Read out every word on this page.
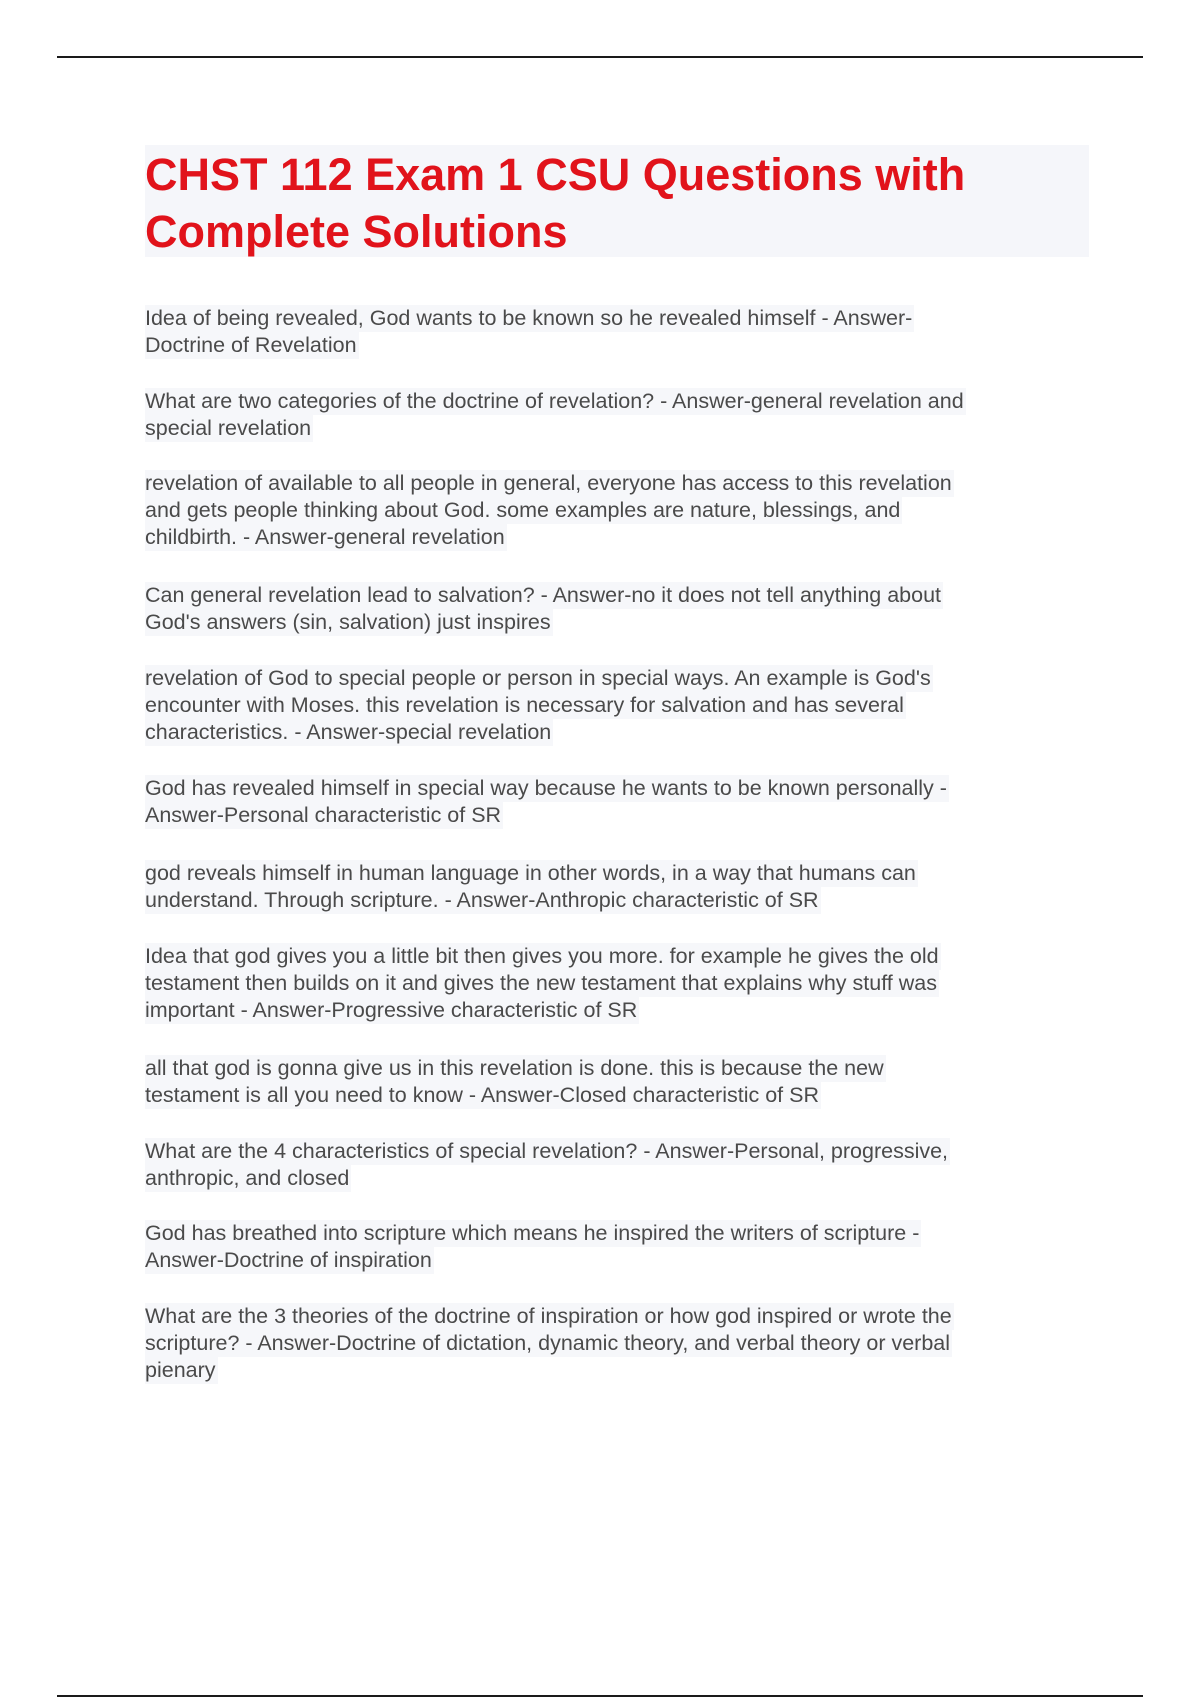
CHST 112 Exam 1 CSU Questions with
Complete Solutions

Idea of being revealed, God wants to be known so he revealed himself - Answer-
Doctrine of Revelation

What are two categories of the doctrine of revelation? - Answer-general revelation and
special revelation

revelation of available to all people in general, everyone has access to this revelation
and gets people thinking about God. some examples are nature, blessings, and
childbirth. - Answer-general revelation

Can general revelation lead to salvation? - Answer-no it does not tell anything about
God's answers (sin, salvation) just inspires

revelation of God to special people or person in special ways. An example is God's
encounter with Moses. this revelation is necessary for salvation and has several
characteristics. - Answer-special revelation

God has revealed himself in special way because he wants to be known personally -
Answer-Personal characteristic of SR

god reveals himself in human language in other words, in a way that humans can
understand. Through scripture. - Answer-Anthropic characteristic of SR

Idea that god gives you a little bit then gives you more. for example he gives the old
testament then builds on it and gives the new testament that explains why stuff was
important - Answer-Progressive characteristic of SR

all that god is gonna give us in this revelation is done. this is because the new
testament is all you need to know - Answer-Closed characteristic of SR

What are the 4 characteristics of special revelation? - Answer-Personal, progressive,
anthropic, and closed

God has breathed into scripture which means he inspired the writers of scripture -
Answer-Doctrine of inspiration

What are the 3 theories of the doctrine of inspiration or how god inspired or wrote the
scripture? - Answer-Doctrine of dictation, dynamic theory, and verbal theory or verbal
pienary
